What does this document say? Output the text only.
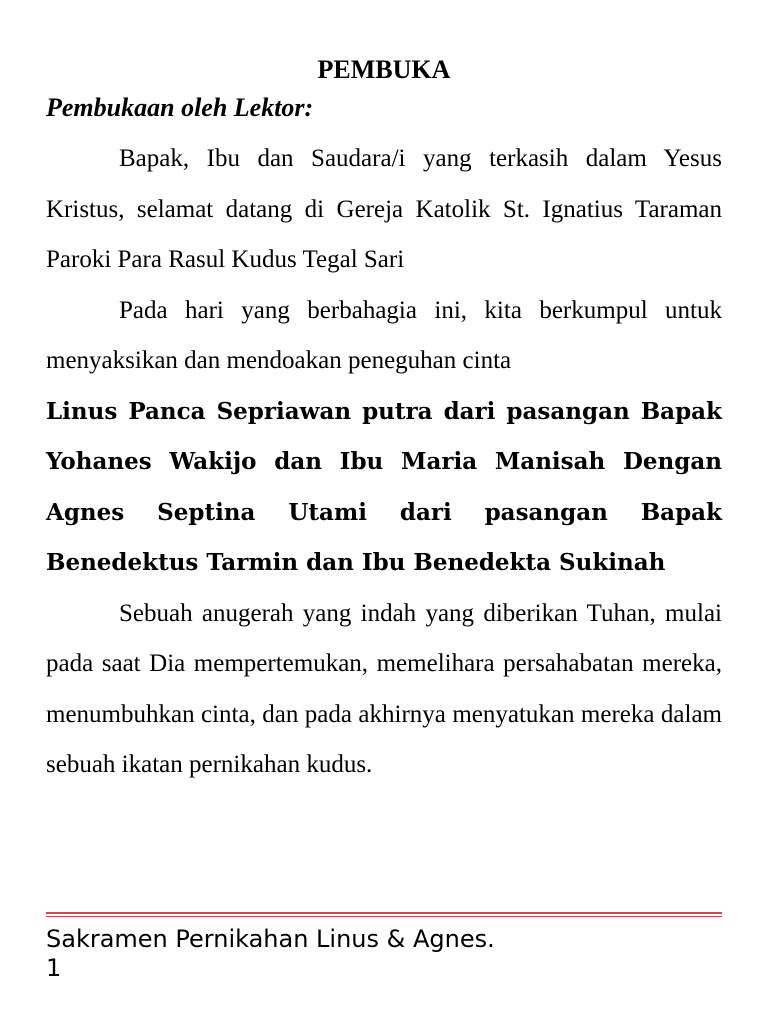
PEMBUKA
Pembukaan oleh Lektor:

Bapak, Ibu dan Saudara/i yang terkasih dalam Yesus Kristus, selamat datang di Gereja Katolik St. Ignatius Taraman Paroki Para Rasul Kudus Tegal Sari

Pada hari yang berbahagia ini, kita berkumpul untuk menyaksikan dan mendoakan peneguhan cinta

Linus Panca Sepriawan putra dari pasangan Bapak Yohanes Wakijo dan Ibu Maria Manisah Dengan Agnes Septina Utami dari pasangan Bapak Benedektus Tarmin dan Ibu Benedekta Sukinah

Sebuah anugerah yang indah yang diberikan Tuhan, mulai pada saat Dia mempertemukan, memelihara persahabatan mereka, menumbuhkan cinta, dan pada akhirnya menyatukan mereka dalam sebuah ikatan pernikahan kudus.

Sakramen Pernikahan Linus & Agnes.
1
